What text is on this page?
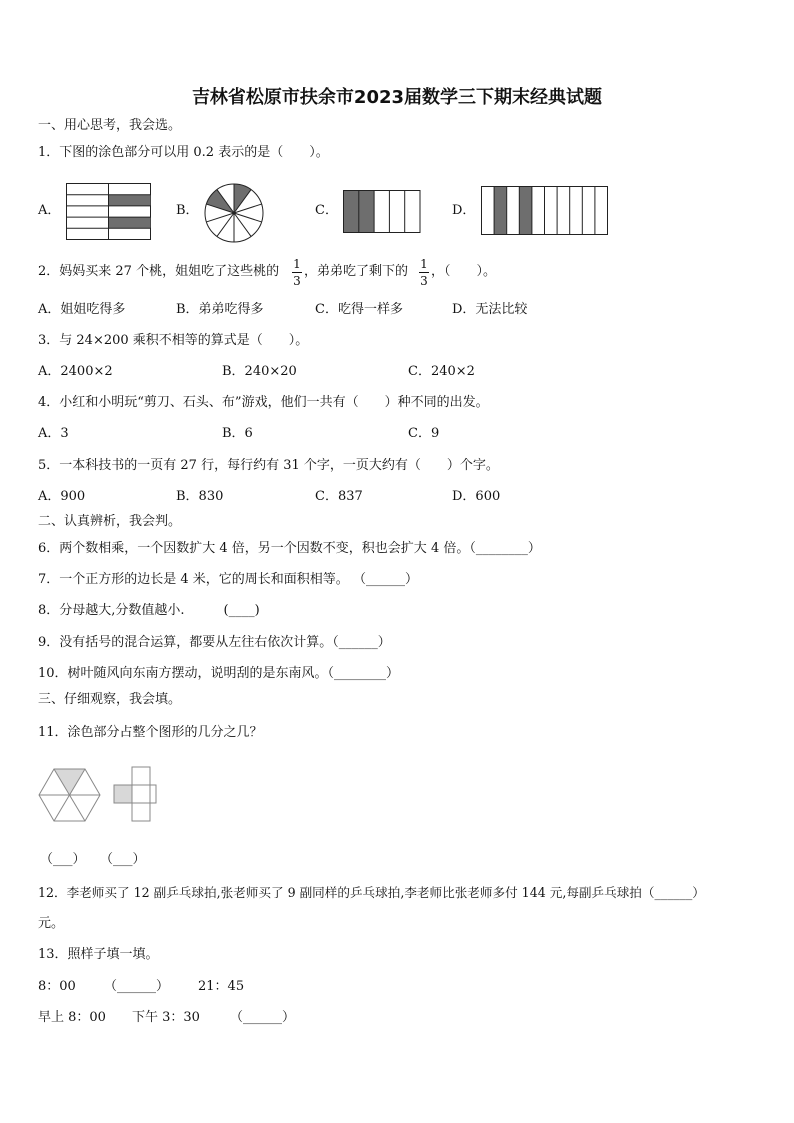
吉林省松原市扶余市2023届数学三下期末经典试题
一、用心思考，我会选。
1．下图的涂色部分可以用 0.2 表示的是（　　）。
A．	B．	C．	D．
2．妈妈买来 27 个桃，姐姐吃了这些桃的 1
3
，弟弟吃了剩下的 1
3
，（　　）。
A．姐姐吃得多	B．弟弟吃得多	C．吃得一样多	D．无法比较
3．与 24×200 乘积不相等的算式是（　　）。
A．2400×2	B．240×20	C．240×2
4．小红和小明玩“剪刀、石头、布”游戏，他们一共有（　　）种不同的出发。
A．3	B．6	C．9
5．一本科技书的一页有 27 行，每行约有 31 个字，一页大约有（　　）个字。
A．900	B．830	C．837	D．600
二、认真辨析，我会判。
6．两个数相乘，一个因数扩大 4 倍，另一个因数不变，积也会扩大 4 倍。（________）
7．一个正方形的边长是 4 米，它的周长和面积相等。 （______）
8．分母越大,分数值越小.　　　(____)
9．没有括号的混合运算，都要从左往右依次计算。（______）
10．树叶随风向东南方摆动，说明刮的是东南风。（________）
三、仔细观察，我会填。
11．涂色部分占整个图形的几分之几？
（___） （___）
12．李老师买了 12 副乒乓球拍,张老师买了 9 副同样的乒乓球拍,李老师比张老师多付 144 元,每副乒乓球拍（______）
元。
13．照样子填一填。
8：00 （______） 21：45
早上 8：00 下午 3：30 （______）
